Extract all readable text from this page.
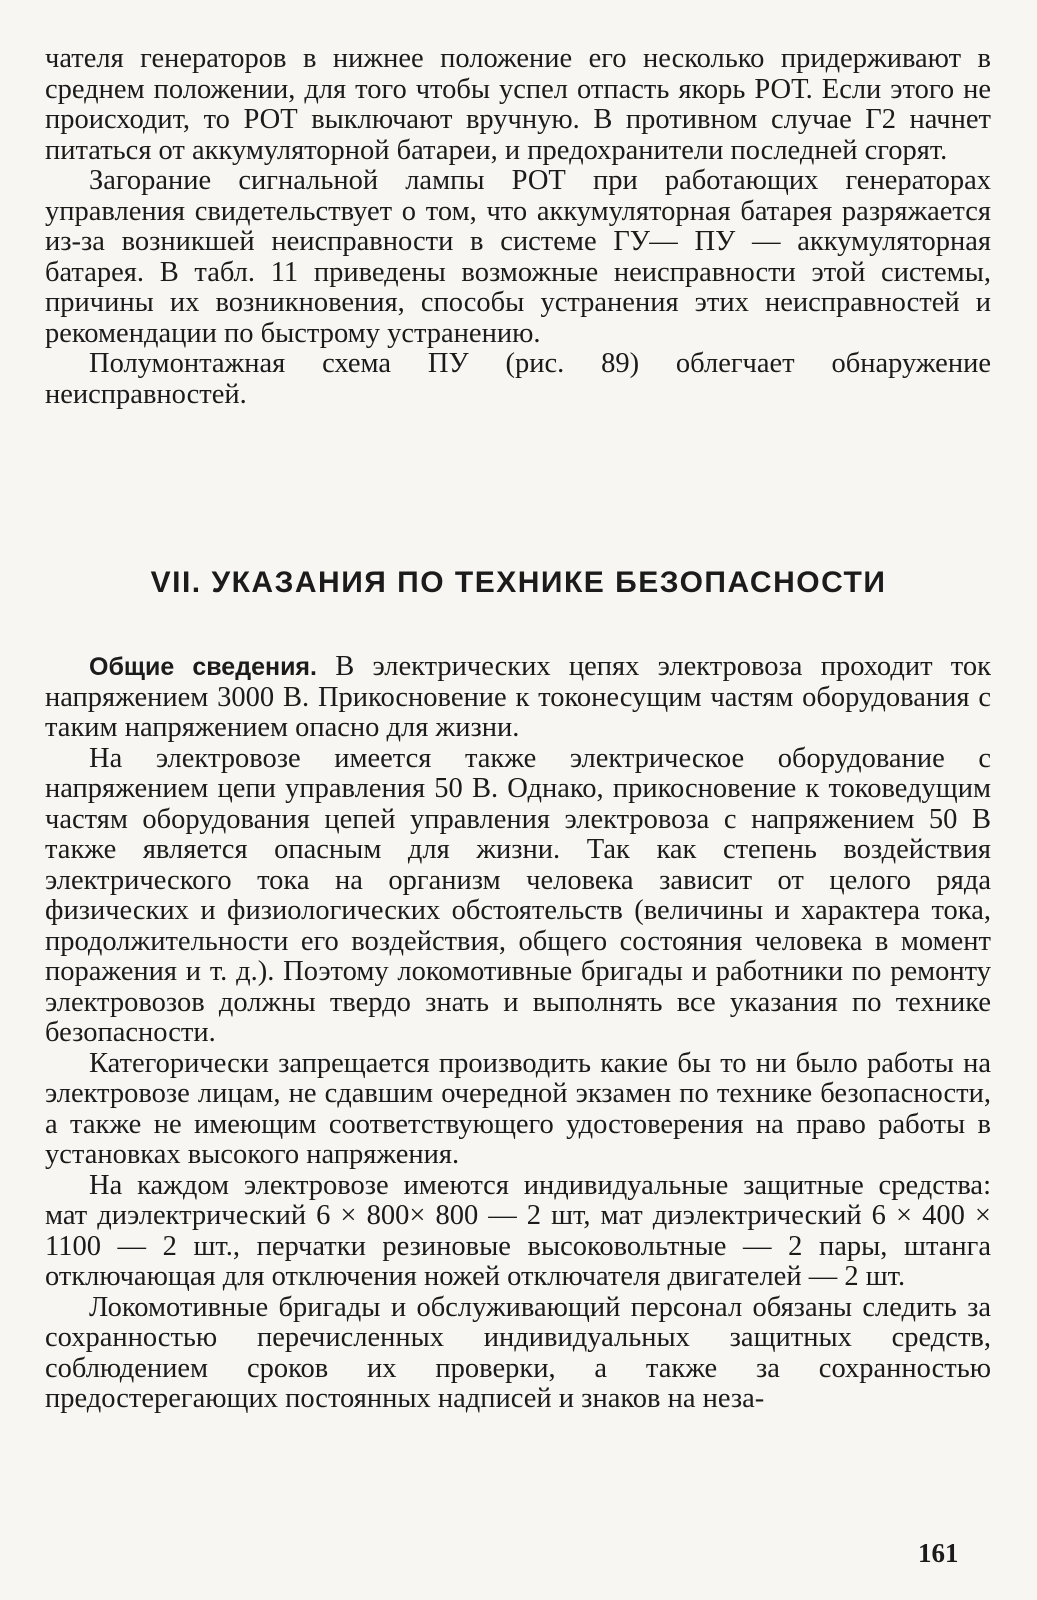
чателя генераторов в нижнее положение его несколько придерживают в среднем положении, для того чтобы успел отпасть якорь РОТ. Если этого не происходит, то РОТ выключают вручную. В противном случае Г2 начнет питаться от аккумуляторной батареи, и предохранители последней сгорят.

Загорание сигнальной лампы РОТ при работающих генераторах управления свидетельствует о том, что аккумуляторная батарея разряжается из-за возникшей неисправности в системе ГУ— ПУ — аккумуляторная батарея. В табл. 11 приведены возможные неисправности этой системы, причины их возникновения, способы устранения этих неисправностей и рекомендации по быстрому устранению.

Полумонтажная схема ПУ (рис. 89) облегчает обнаружение неисправностей.

VII. УКАЗАНИЯ ПО ТЕХНИКЕ БЕЗОПАСНОСТИ

Общие сведения. В электрических цепях электровоза проходит ток напряжением 3000 В. Прикосновение к токонесущим частям оборудования с таким напряжением опасно для жизни.

На электровозе имеется также электрическое оборудование с напряжением цепи управления 50 В. Однако, прикосновение к токоведущим частям оборудования цепей управления электровоза с напряжением 50 В также является опасным для жизни. Так как степень воздействия электрического тока на организм человека зависит от целого ряда физических и физиологических обстоятельств (величины и характера тока, продолжительности его воздействия, общего состояния человека в момент поражения и т. д.). Поэтому локомотивные бригады и работники по ремонту электровозов должны твердо знать и выполнять все указания по технике безопасности.

Категорически запрещается производить какие бы то ни было работы на электровозе лицам, не сдавшим очередной экзамен по технике безопасности, а также не имеющим соответствующего удостоверения на право работы в установках высокого напряжения.

На каждом электровозе имеются индивидуальные защитные средства: мат диэлектрический 6 × 800× 800 — 2 шт, мат диэлектрический 6 × 400 × 1100 — 2 шт., перчатки резиновые высоковольтные — 2 пары, штанга отключающая для отключения ножей отключателя двигателей — 2 шт.

Локомотивные бригады и обслуживающий персонал обязаны следить за сохранностью перечисленных индивидуальных защитных средств, соблюдением сроков их проверки, а также за сохранностью предостерегающих постоянных надписей и знаков на неза-

161
